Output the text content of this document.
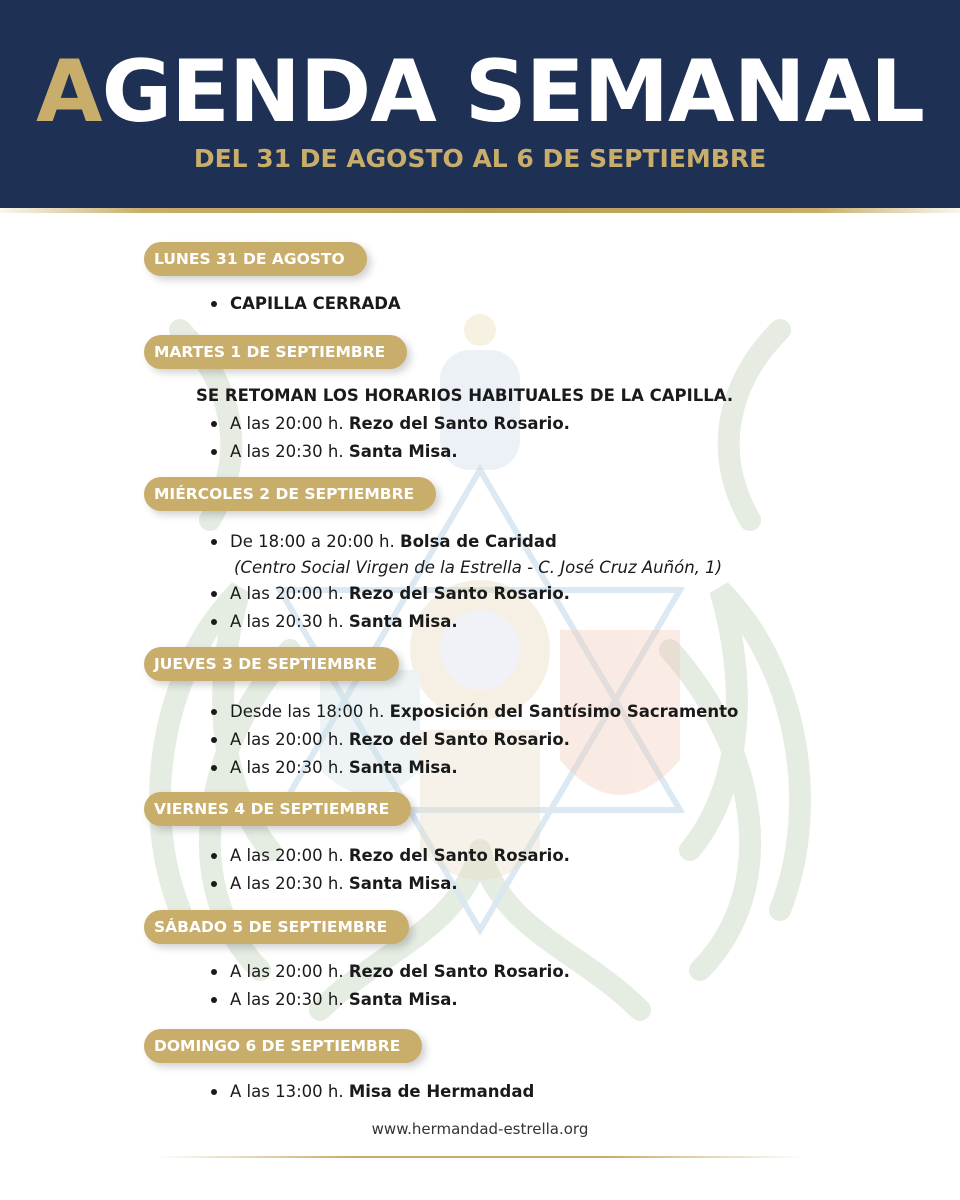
AGENDA SEMANAL
DEL 31 DE AGOSTO AL 6 DE SEPTIEMBRE
LUNES 31 DE AGOSTO
CAPILLA CERRADA
MARTES 1 DE SEPTIEMBRE
SE RETOMAN LOS HORARIOS HABITUALES DE LA CAPILLA.
A las 20:00 h. Rezo del Santo Rosario.
A las 20:30 h. Santa Misa.
MIÉRCOLES 2 DE SEPTIEMBRE
De 18:00 a 20:00 h. Bolsa de Caridad
(Centro Social Virgen de la Estrella - C. José Cruz Auñón, 1)
A las 20:00 h. Rezo del Santo Rosario.
A las 20:30 h. Santa Misa.
JUEVES 3 DE SEPTIEMBRE
Desde las 18:00 h. Exposición del Santísimo Sacramento
A las 20:00 h. Rezo del Santo Rosario.
A las 20:30 h. Santa Misa.
VIERNES 4 DE SEPTIEMBRE
A las 20:00 h. Rezo del Santo Rosario.
A las 20:30 h. Santa Misa.
SÁBADO 5 DE SEPTIEMBRE
A las 20:00 h. Rezo del Santo Rosario.
A las 20:30 h. Santa Misa.
DOMINGO 6 DE SEPTIEMBRE
A las 13:00 h. Misa de Hermandad
www.hermandad-estrella.org
